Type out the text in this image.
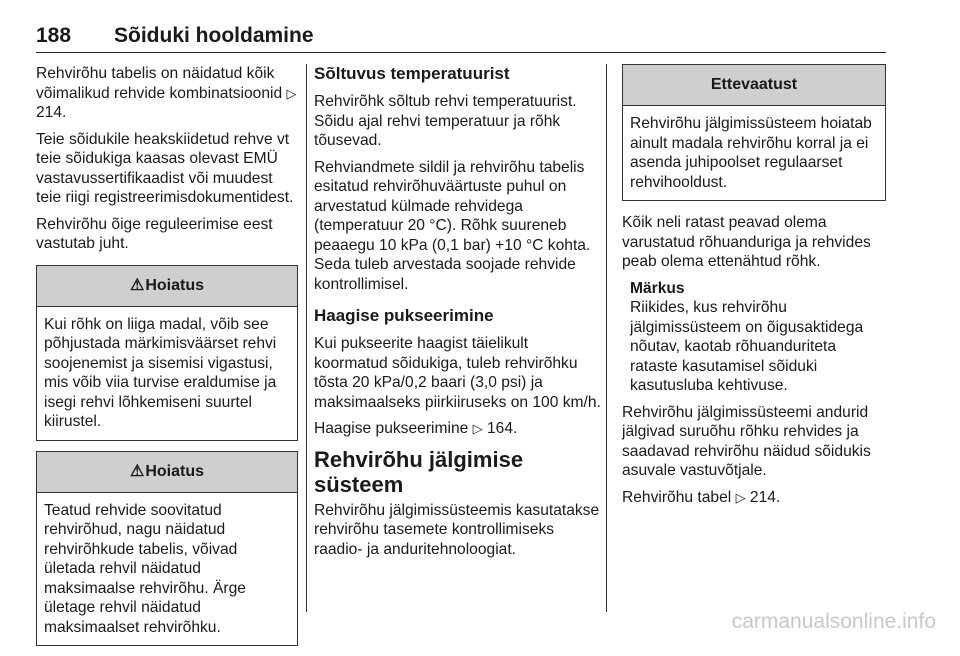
188 Sõiduki hooldamine

Rehvirõhu tabelis on näidatud kõik võimalikud rehvide kombinatsioonid ▷ 214.

Teie sõidukile heakskiidetud rehve vt teie sõidukiga kaasas olevast EMÜ vastavussertifikaadist või muudest teie riigi registreerimisdokumentidest.

Rehvirõhu õige reguleerimise eest vastutab juht.

⚠Hoiatus
Kui rõhk on liiga madal, võib see põhjustada märkimisväärset rehvi soojenemist ja sisemisi vigastusi, mis võib viia turvise eraldumise ja isegi rehvi lõhkemiseni suurtel kiirustel.
⚠Hoiatus
Teatud rehvide soovitatud rehvirõhud, nagu näidatud rehvirõhkude tabelis, võivad ületada rehvil näidatud maksimaalse rehvirõhu. Ärge ületage rehvil näidatud maksimaalset rehvirõhku.
Sõltuvus temperatuurist

Rehvirõhk sõltub rehvi temperatuurist. Sõidu ajal rehvi temperatuur ja rõhk tõusevad.

Rehviandmete sildil ja rehvirõhu tabelis esitatud rehvirõhuväärtuste puhul on arvestatud külmade rehvidega (temperatuur 20 °C). Rõhk suureneb peaaegu 10 kPa (0,1 bar) +10 °C kohta. Seda tuleb arvestada soojade rehvide kontrollimisel.

Haagise pukseerimine

Kui pukseerite haagist täielikult koormatud sõidukiga, tuleb rehvirõhku tõsta 20 kPa/0,2 baari (3,0 psi) ja maksimaalseks piirkiiruseks on 100 km/h.

Haagise pukseerimine ▷ 164.

Rehvirõhu jälgimise süsteem

Rehvirõhu jälgimissüsteemis kasutatakse rehvirõhu tasemete kontrollimiseks raadio- ja anduritehnoloogiat.

Ettevaatust
Rehvirõhu jälgimissüsteem hoiatab ainult madala rehvirõhu korral ja ei asenda juhipoolset regulaarset rehvihooldust.

Kõik neli ratast peavad olema varustatud rõhuanduriga ja rehvides peab olema ettenähtud rõhk.

Märkus
Riikides, kus rehvirõhu jälgimissüsteem on õigusaktidega nõutav, kaotab rõhuanduriteta rataste kasutamisel sõiduki kasutusluba kehtivuse.

Rehvirõhu jälgimissüsteemi andurid jälgivad suruõhu rõhku rehvides ja saadavad rehvirõhu näidud sõidukis asuvale vastuvõtjale.

Rehvirõhu tabel ▷ 214.

carmanualsonline.info
